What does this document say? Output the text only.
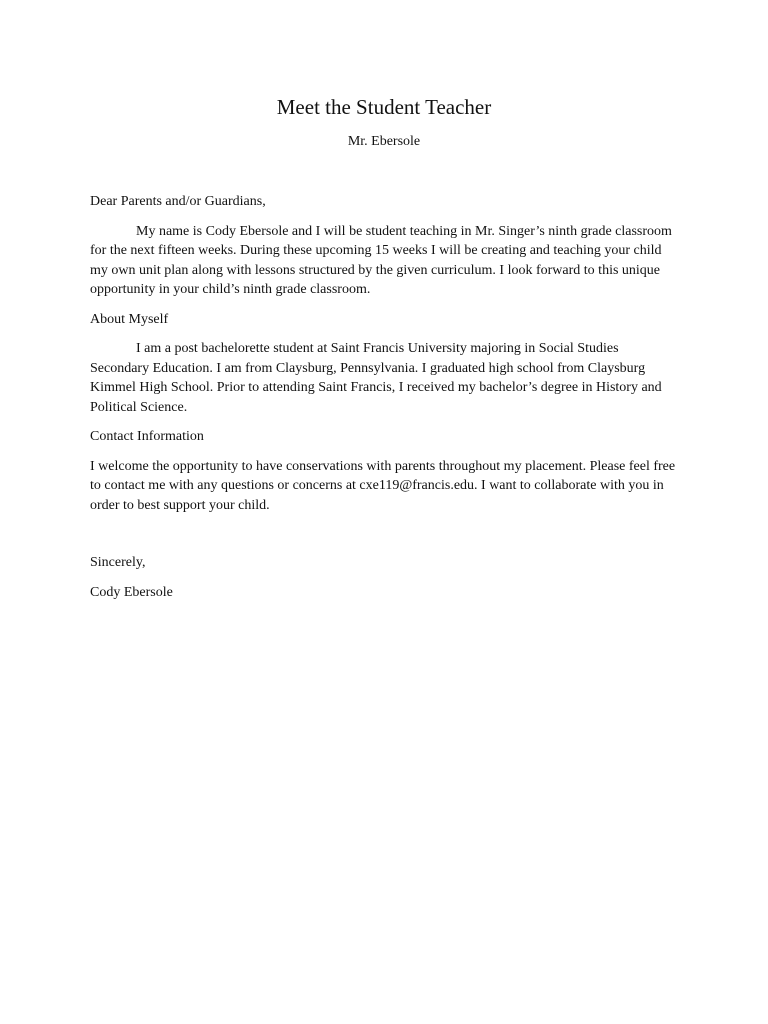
Meet the Student Teacher
Mr. Ebersole

Dear Parents and/or Guardians,

My name is Cody Ebersole and I will be student teaching in Mr. Singer’s ninth grade classroom for the next fifteen weeks. During these upcoming 15 weeks I will be creating and teaching your child my own unit plan along with lessons structured by the given curriculum. I look forward to this unique opportunity in your child’s ninth grade classroom.

About Myself

I am a post bachelorette student at Saint Francis University majoring in Social Studies Secondary Education. I am from Claysburg, Pennsylvania. I graduated high school from Claysburg Kimmel High School. Prior to attending Saint Francis, I received my bachelor’s degree in History and Political Science.

Contact Information

I welcome the opportunity to have conservations with parents throughout my placement. Please feel free to contact me with any questions or concerns at cxe119@francis.edu. I want to collaborate with you in order to best support your child.

Sincerely,

Cody Ebersole
